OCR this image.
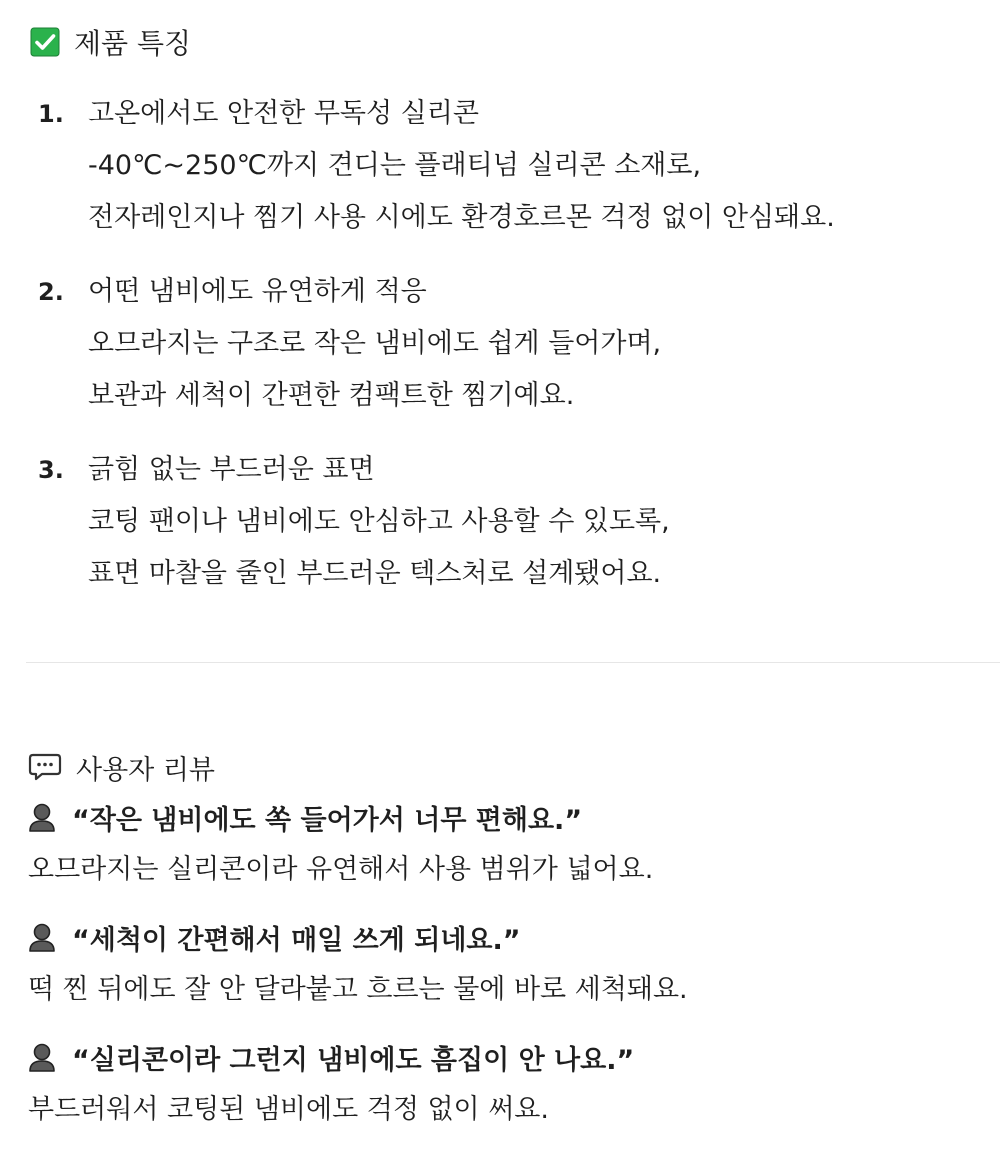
제품 특징
1. 고온에서도 안전한 무독성 실리콘
-40℃~250℃까지 견디는 플래티넘 실리콘 소재로,
전자레인지나 찜기 사용 시에도 환경호르몬 걱정 없이 안심돼요.
2. 어떤 냄비에도 유연하게 적응
오므라지는 구조로 작은 냄비에도 쉽게 들어가며,
보관과 세척이 간편한 컴팩트한 찜기예요.
3. 긁힘 없는 부드러운 표면
코팅 팬이나 냄비에도 안심하고 사용할 수 있도록,
표면 마찰을 줄인 부드러운 텍스처로 설계됐어요.
사용자 리뷰
“작은 냄비에도 쏙 들어가서 너무 편해요.”
오므라지는 실리콘이라 유연해서 사용 범위가 넓어요.
“세척이 간편해서 매일 쓰게 되네요.”
떡 찐 뒤에도 잘 안 달라붙고 흐르는 물에 바로 세척돼요.
“실리콘이라 그런지 냄비에도 흠집이 안 나요.”
부드러워서 코팅된 냄비에도 걱정 없이 써요.
